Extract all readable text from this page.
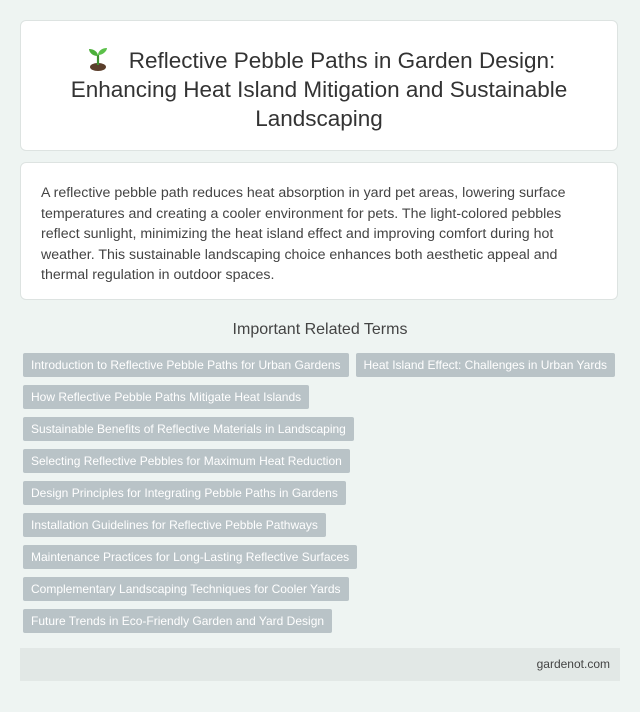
Reflective Pebble Paths in Garden Design: Enhancing Heat Island Mitigation and Sustainable Landscaping

A reflective pebble path reduces heat absorption in yard pet areas, lowering surface temperatures and creating a cooler environment for pets. The light-colored pebbles reflect sunlight, minimizing the heat island effect and improving comfort during hot weather. This sustainable landscaping choice enhances both aesthetic appeal and thermal regulation in outdoor spaces.

Important Related Terms
Introduction to Reflective Pebble Paths for Urban Gardens	Heat Island Effect: Challenges in Urban Yards
How Reflective Pebble Paths Mitigate Heat Islands
Sustainable Benefits of Reflective Materials in Landscaping
Selecting Reflective Pebbles for Maximum Heat Reduction
Design Principles for Integrating Pebble Paths in Gardens
Installation Guidelines for Reflective Pebble Pathways
Maintenance Practices for Long-Lasting Reflective Surfaces
Complementary Landscaping Techniques for Cooler Yards
Future Trends in Eco-Friendly Garden and Yard Design
gardenot.com
